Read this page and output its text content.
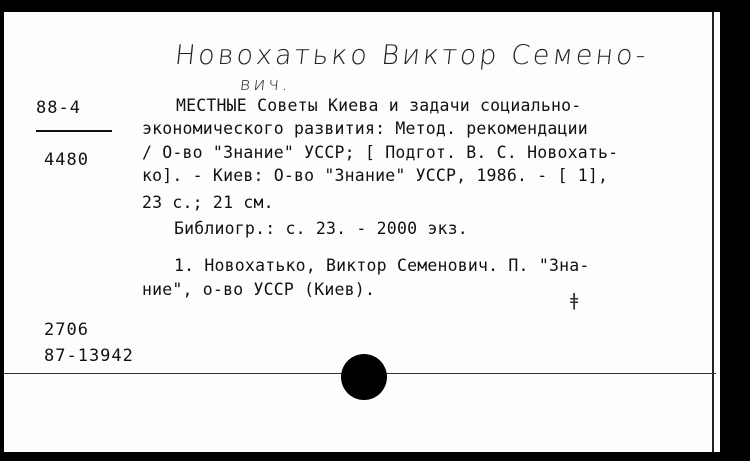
Новохатько Виктор Семено-
вич.
88-4
4480
МЕСТНЫЕ Советы Киева и задачи социально-
экономического развития: Метод. рекомендации
/ О-во "Знание" УССР; [ Подгот. В. С. Новохать-
ко]. - Киев: О-во "Знание" УССР, 1986. - [ 1],
23 с.; 21 см.
Библиогр.: с. 23. - 2000 экз.
1. Новохатько, Виктор Семенович. П. "Зна-
ние", о-во УССР (Киев).
ǂ
2706
87-13942
